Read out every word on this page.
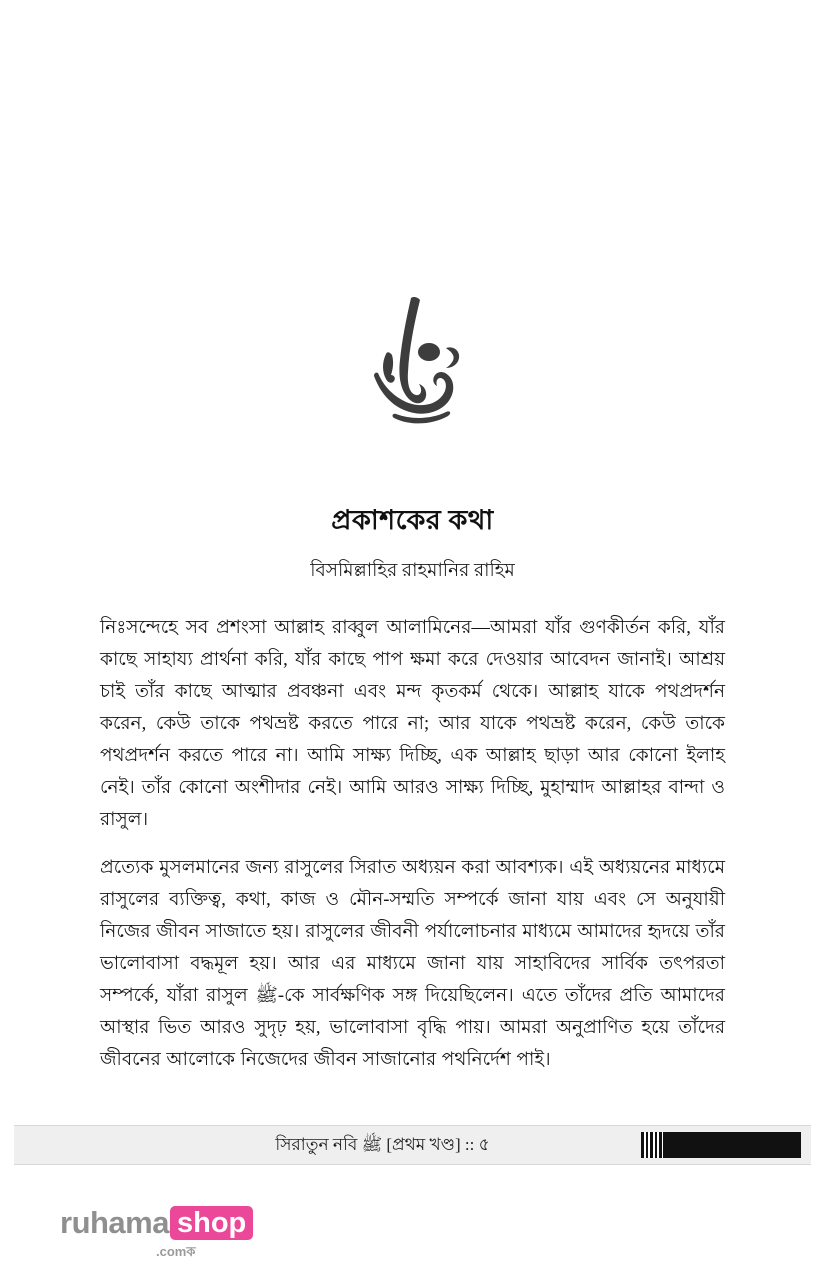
প্রকাশকের কথা
বিসমিল্লাহির রাহমানির রাহিম

নিঃসন্দেহে সব প্রশংসা আল্লাহ রাব্বুল আলামিনের—আমরা যাঁর গুণকীর্তন করি, যাঁর কাছে সাহায্য প্রার্থনা করি, যাঁর কাছে পাপ ক্ষমা করে দেওয়ার আবেদন জানাই। আশ্রয় চাই তাঁর কাছে আত্মার প্রবঞ্চনা এবং মন্দ কৃতকর্ম থেকে। আল্লাহ যাকে পথপ্রদর্শন করেন, কেউ তাকে পথভ্রষ্ট করতে পারে না; আর যাকে পথভ্রষ্ট করেন, কেউ তাকে পথপ্রদর্শন করতে পারে না। আমি সাক্ষ্য দিচ্ছি, এক আল্লাহ ছাড়া আর কোনো ইলাহ নেই। তাঁর কোনো অংশীদার নেই। আমি আরও সাক্ষ্য দিচ্ছি, মুহাম্মাদ আল্লাহর বান্দা ও রাসুল।

প্রত্যেক মুসলমানের জন্য রাসুলের সিরাত অধ্যয়ন করা আবশ্যক। এই অধ্যয়নের মাধ্যমে রাসুলের ব্যক্তিত্ব, কথা, কাজ ও মৌন-সম্মতি সম্পর্কে জানা যায় এবং সে অনুযায়ী নিজের জীবন সাজাতে হয়। রাসুলের জীবনী পর্যালোচনার মাধ্যমে আমাদের হৃদয়ে তাঁর ভালোবাসা বদ্ধমূল হয়। আর এর মাধ্যমে জানা যায় সাহাবিদের সার্বিক তৎপরতা সম্পর্কে, যাঁরা রাসুল ﷺ-কে সার্বক্ষণিক সঙ্গ দিয়েছিলেন। এতে তাঁদের প্রতি আমাদের আস্থার ভিত আরও সুদৃঢ় হয়, ভালোবাসা বৃদ্ধি পায়। আমরা অনুপ্রাণিত হয়ে তাঁদের জীবনের আলোকে নিজেদের জীবন সাজানোর পথনির্দেশ পাই।

সিরাতুন নবি ﷺ [প্রথম খণ্ড] :: ৫
ruhama shop
.comক
